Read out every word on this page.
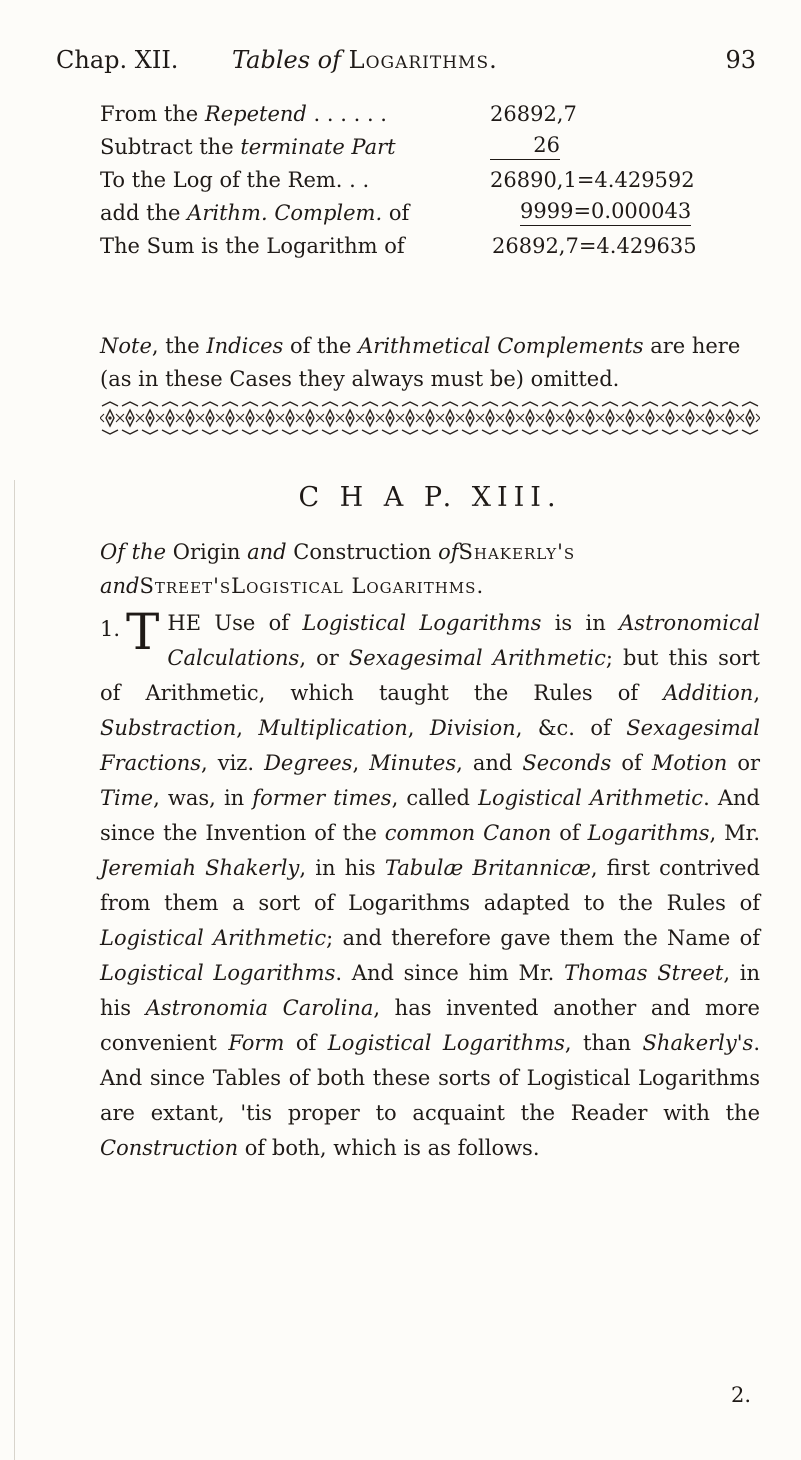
Chap. XII. Tables of Logarithms.	93
From the Repetend . . . . . .	26892,7
Subtract the terminate Part	26
To the Log of the Rem. . .	26890,1=4.429592
add the Arithm. Complem. of	9999=0.000043
The Sum is the Logarithm of	26892,7=4.429635

Note, the Indices of the Arithmetical Complements are here (as in these Cases they always must be) omitted.

C H A P. XIII.

Of the Origin and Construction ofShakerly's

andStreet'sLogistical Logarithms.

1. T HE Use of Logistical Logarithms is in Astronomical Calculations, or Sexagesimal Arithmetic; but this sort of Arithmetic, which taught the Rules of Addition, Substraction, Multiplication, Division, &c. of Sexagesimal Fractions, viz. Degrees, Minutes, and Seconds of Motion or Time, was, in former times, called Logistical Arithmetic. And since the Invention of the common Canon of Logarithms, Mr. Jeremiah Shakerly, in his Tabulæ Britannicæ, first contrived from them a sort of Logarithms adapted to the Rules of Logistical Arithmetic; and therefore gave them the Name of Logistical Logarithms. And since him Mr. Thomas Street, in his Astronomia Carolina, has invented another and more convenient Form of Logistical Logarithms, than Shakerly's. And since Tables of both these sorts of Logistical Logarithms are extant, 'tis proper to acquaint the Reader with the Construction of both, which is as follows.
2.
